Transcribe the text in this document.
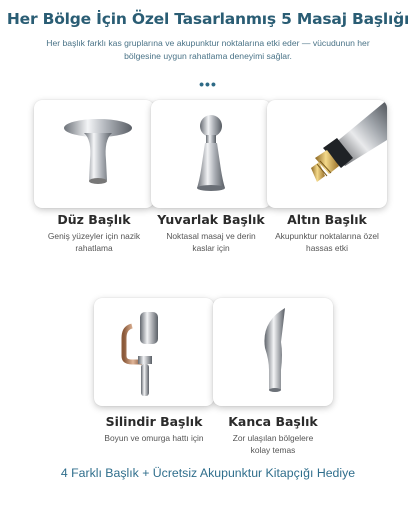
Her Bölge İçin Özel Tasarlanmış 5 Masaj Başlığı
Her başlık farklı kas gruplarına ve akupunktur noktalarına etki eder — vücudunun her bölgesine uygun rahatlama deneyimi sağlar.
•••
Düz Başlık
Geniş yüzeyler için nazik rahatlama
Yuvarlak Başlık
Noktasal masaj ve derin kaslar için
Altın Başlık
Akupunktur noktalarına özel hassas etki
Silindir Başlık
Boyun ve omurga hattı için
Kanca Başlık
Zor ulaşılan bölgelere kolay temas
4 Farklı Başlık + Ücretsiz Akupunktur Kitapçığı Hediye
